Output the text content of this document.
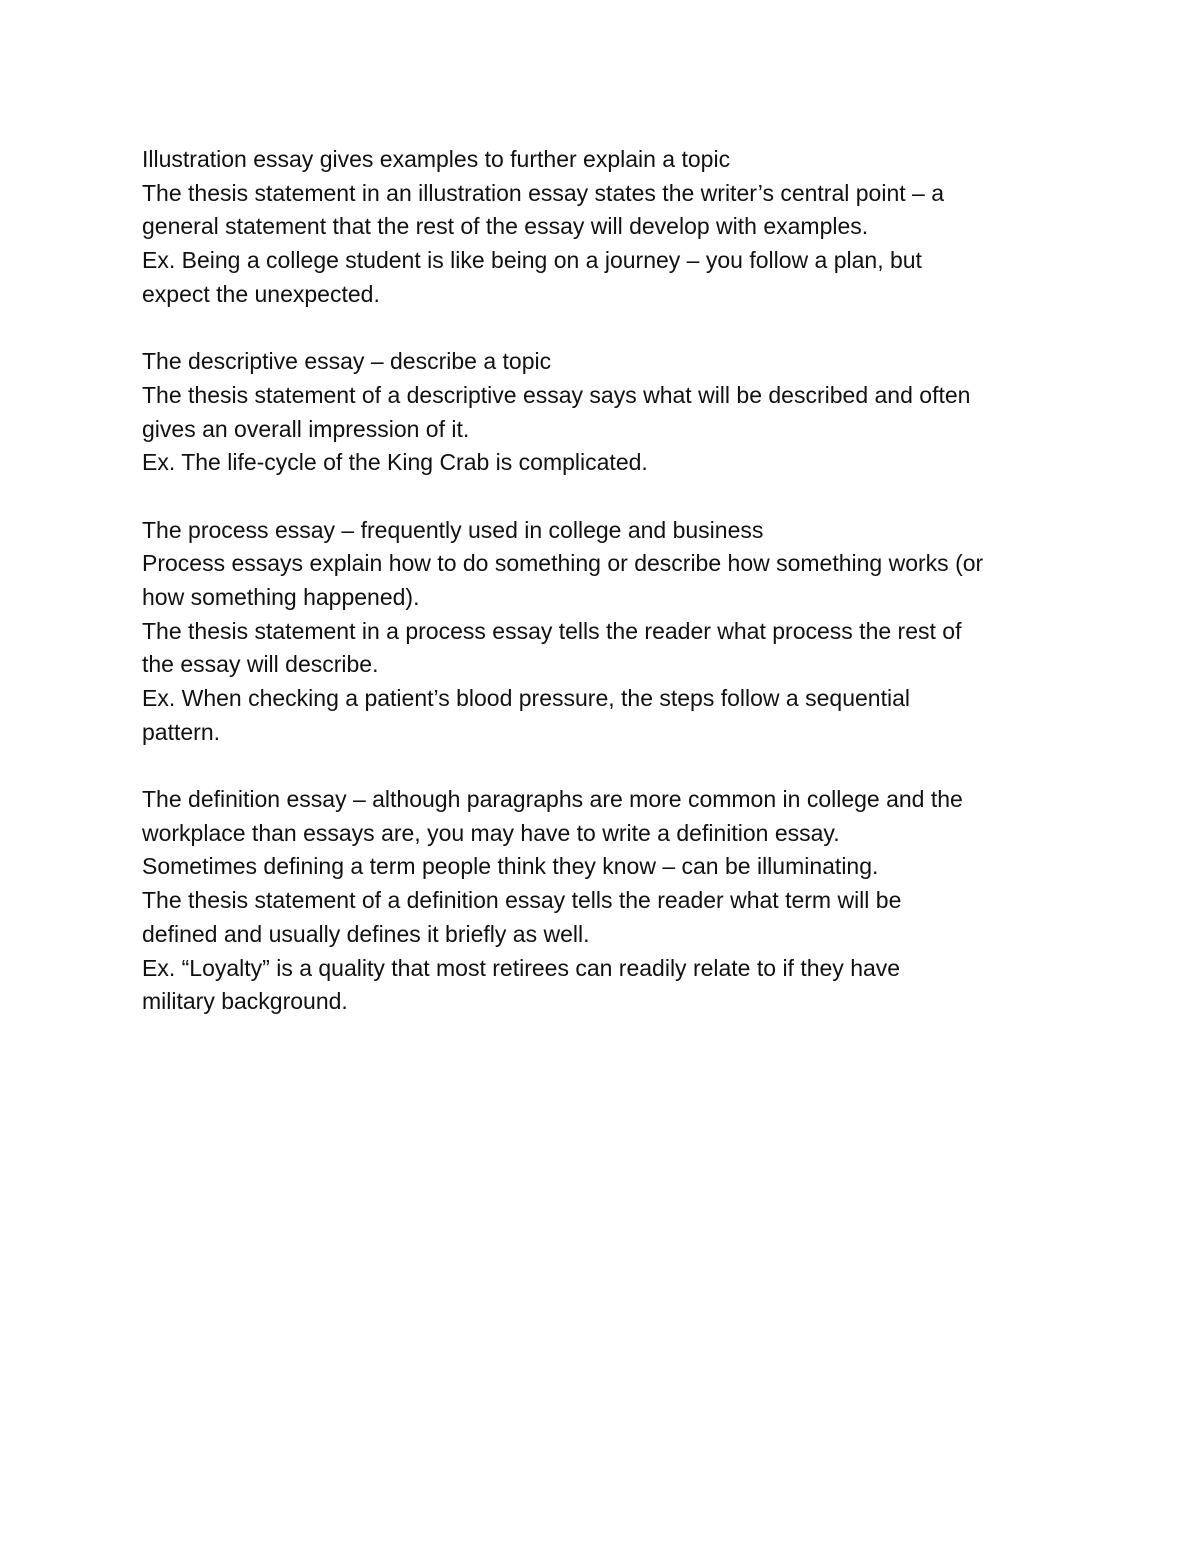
Illustration essay gives examples to further explain a topic
The thesis statement in an illustration essay states the writer’s central point – a
general statement that the rest of the essay will develop with examples.
Ex. Being a college student is like being on a journey – you follow a plan, but
expect the unexpected.
The descriptive essay – describe a topic
The thesis statement of a descriptive essay says what will be described and often
gives an overall impression of it.
Ex. The life-cycle of the King Crab is complicated.
The process essay – frequently used in college and business
Process essays explain how to do something or describe how something works (or
how something happened).
The thesis statement in a process essay tells the reader what process the rest of
the essay will describe.
Ex. When checking a patient’s blood pressure, the steps follow a sequential
pattern.
The definition essay – although paragraphs are more common in college and the
workplace than essays are, you may have to write a definition essay.
Sometimes defining a term people think they know – can be illuminating.
The thesis statement of a definition essay tells the reader what term will be
defined and usually defines it briefly as well.
Ex. “Loyalty” is a quality that most retirees can readily relate to if they have
military background.
